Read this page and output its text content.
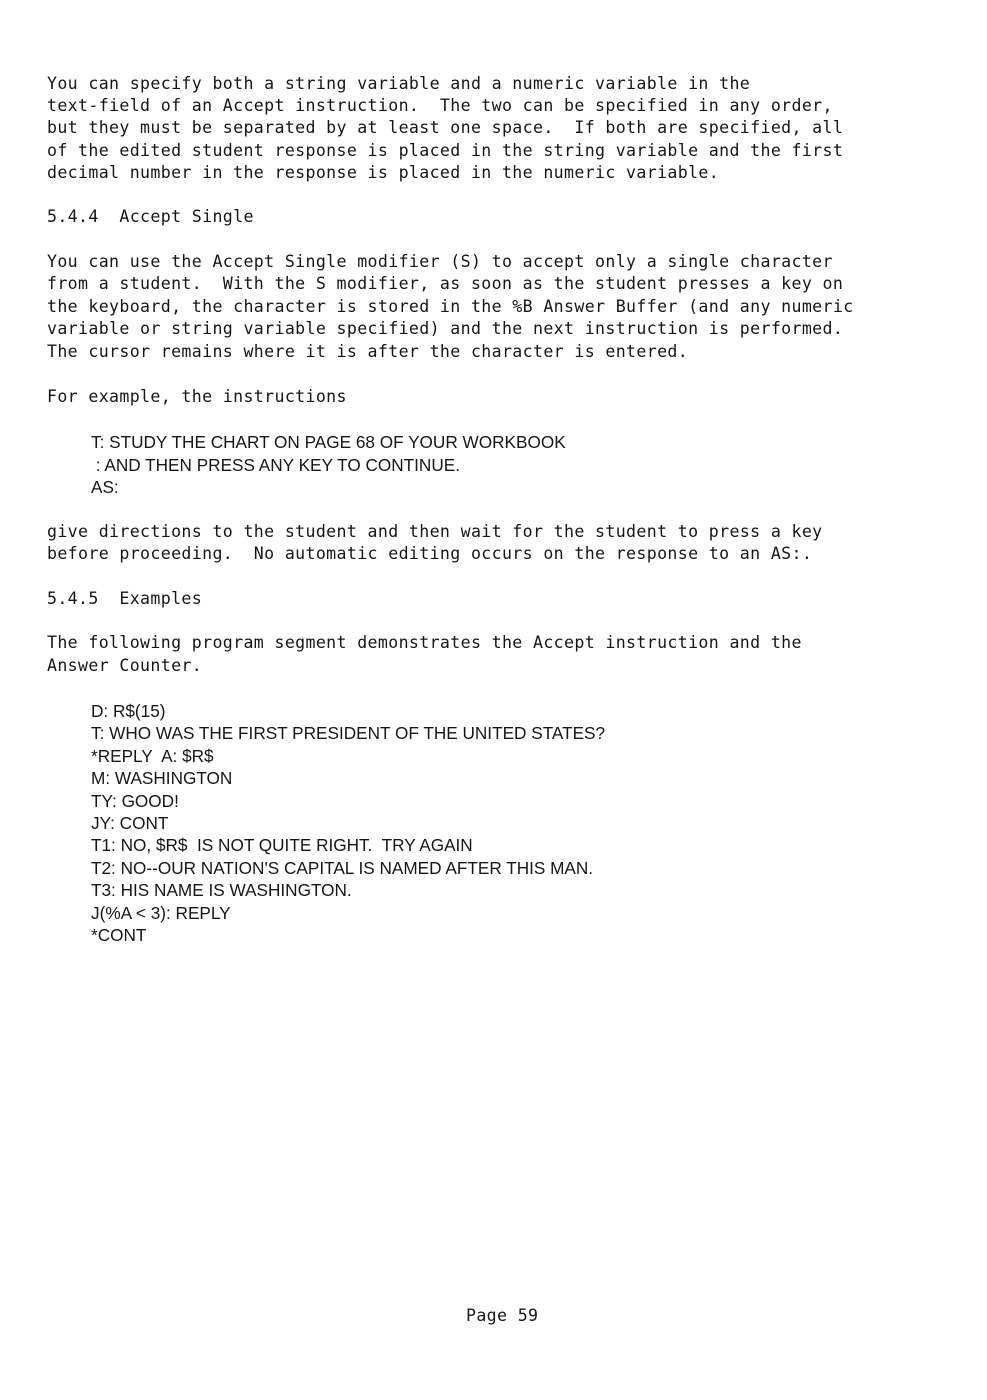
You can specify both a string variable and a numeric variable in the
text-field of an Accept instruction.  The two can be specified in any order,
but they must be separated by at least one space.  If both are specified, all
of the edited student response is placed in the string variable and the first
decimal number in the response is placed in the numeric variable.
5.4.4  Accept Single
You can use the Accept Single modifier (S) to accept only a single character
from a student.  With the S modifier, as soon as the student presses a key on
the keyboard, the character is stored in the %B Answer Buffer (and any numeric
variable or string variable specified) and the next instruction is performed.
The cursor remains where it is after the character is entered.
For example, the instructions
T: STUDY THE CHART ON PAGE 68 OF YOUR WORKBOOK
: AND THEN PRESS ANY KEY TO CONTINUE.
AS:
give directions to the student and then wait for the student to press a key
before proceeding.  No automatic editing occurs on the response to an AS:.
5.4.5  Examples
The following program segment demonstrates the Accept instruction and the
Answer Counter.
D: R$(15)
T: WHO WAS THE FIRST PRESIDENT OF THE UNITED STATES?
*REPLY  A: $R$
M: WASHINGTON
TY: GOOD!
JY: CONT
T1: NO, $R$  IS NOT QUITE RIGHT.  TRY AGAIN
T2: NO--OUR NATION'S CAPITAL IS NAMED AFTER THIS MAN.
T3: HIS NAME IS WASHINGTON.
J(%A < 3): REPLY
*CONT
Page 59
